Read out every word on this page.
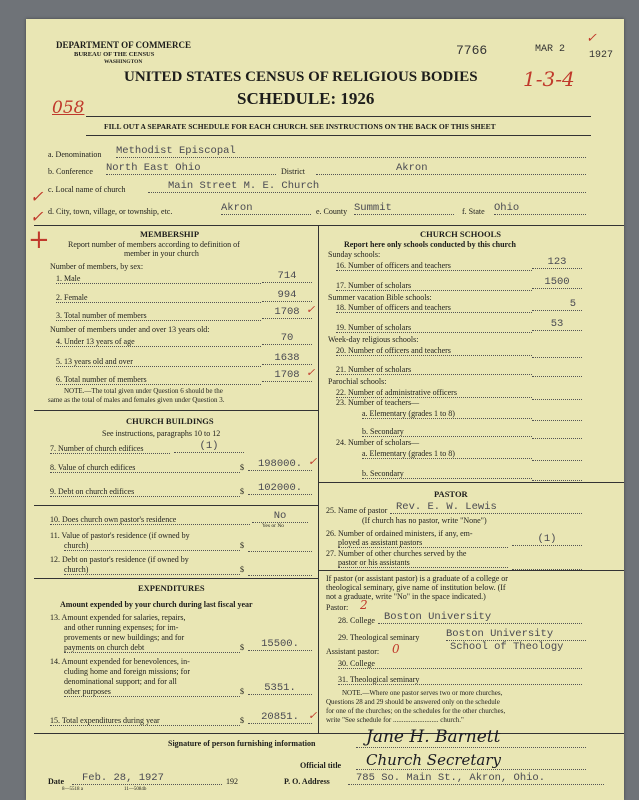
DEPARTMENT OF COMMERCE
BUREAU OF THE CENSUS
WASHINGTON
UNITED STATES CENSUS OF RELIGIOUS BODIES
SCHEDULE: 1926
7766	MAR 2
1927
✓
1-3-4
058
FILL OUT A SEPARATE SCHEDULE FOR EACH CHURCH. SEE INSTRUCTIONS ON THE BACK OF THIS SHEET
a. Denomination Methodist Episcopal
b. Conference North East Ohio	District	Akron
c. Local name of church	Main Street M. E. Church
d. City, town, village, or township, etc.	Akron	e. County Summit	f. State Ohio
✓
✓
+	MEMBERSHIP
Report number of members according to definition of
member in your church
Number of members, by sex:
1. Male	714
2. Female	994
3. Total number of members	1708 ✓
Number of members under and over 13 years old:
4. Under 13 years of age	70
5. 13 years old and over	1638
6. Total number of members	1708 ✓
NOTE.—The total given under Question 6 should be the
same as the total of males and females given under Question 3.
CHURCH BUILDINGS
See instructions, paragraphs 10 to 12
7. Number of church edifices	(1)
8. Value of church edifices	$	198000. ✓
9. Debt on church edifices	$	102000.
10. Does church own pastor's residence	No
Yes or No
11. Value of pastor's residence (if owned by
church)	$
12. Debt on pastor's residence (if owned by
church)	$
EXPENDITURES
Amount expended by your church during last fiscal year
13. Amount expended for salaries, repairs,
and other running expenses; for im-
provements or new buildings; and for
payments on church debt	$	15500.
14. Amount expended for benevolences, in-
cluding home and foreign missions; for
denominational support; and for all
other purposes	$	5351.
15. Total expenditures during year	$	20851. ✓
CHURCH SCHOOLS
Report here only schools conducted by this church
Sunday schools:
16. Number of officers and teachers	123
17. Number of scholars	1500
Summer vacation Bible schools:
18. Number of officers and teachers	5
19. Number of scholars	53
Week-day religious schools:
20. Number of officers and teachers
21. Number of scholars
Parochial schools:
22. Number of administrative officers
23. Number of teachers—
a. Elementary (grades 1 to 8)
b. Secondary
24. Number of scholars—
a. Elementary (grades 1 to 8)
b. Secondary
PASTOR
25. Name of pastor Rev. E. W. Lewis
(If church has no pastor, write "None")
26. Number of ordained ministers, if any, em-
ployed as assistant pastors	(1)
27. Number of other churches served by the
pastor or his assistants
If pastor (or assistant pastor) is a graduate of a college or
theological seminary, give name of institution below. (If
not a graduate, write "No" in the space indicated.)
Pastor: 2
28. College Boston University
29. Theological seminary	Boston University
School of Theology
Assistant pastor: 0
30. College
31. Theological seminary
NOTE.—Where one pastor serves two or more churches,
Questions 28 and 29 should be answered only on the schedule
for one of the churches; on the schedules for the other churches,
write "See schedule for .......................... church."
Signature of person furnishing information	Jane H. Barnett
Official title	Church Secretary
Date	Feb. 28, 1927	192	P. O. Address	785 So. Main St., Akron, Ohio.
8—5518 a	11—5084b
